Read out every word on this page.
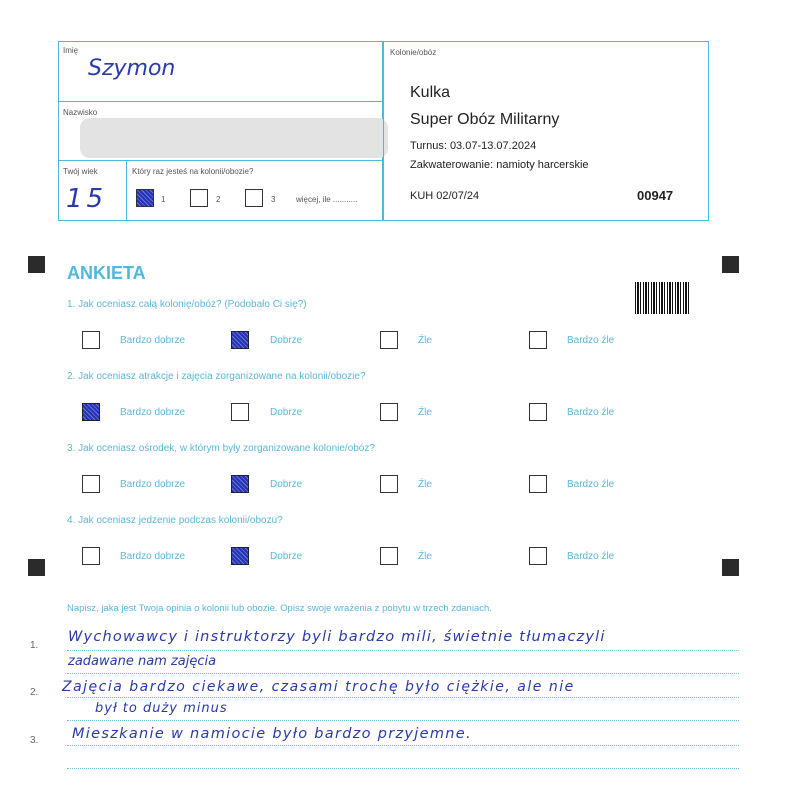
Imię
Szymon
Nazwisko
Twój wiek
15
Który raz jesteś na kolonii/obozie?
1	2	3	więcej, ile ...........
Kolonie/obóz
Kulka
Super Obóz Militarny
Turnus: 03.07-13.07.2024
Zakwaterowanie: namioty harcerskie
KUH 02/07/24	00947
ANKIETA
1. Jak oceniasz całą kolonię/obóz? (Podobało Ci się?)
Bardzo dobrze	Dobrze	Źle	Bardzo źle
2. Jak oceniasz atrakcje i zajęcia zorganizowane na kolonii/obozie?
Bardzo dobrze	Dobrze	Źle	Bardzo źle
3. Jak oceniasz ośrodek, w którym były zorganizowane kolonie/obóz?
Bardzo dobrze	Dobrze	Źle	Bardzo źle
4. Jak oceniasz jedzenie podczas kolonii/obozu?
Bardzo dobrze	Dobrze	Źle	Bardzo źle
Napisz, jaka jest Twoja opinia o kolonii lub obozie. Opisz swoje wrażenia z pobytu w trzech zdaniach.
1.
2.
3.
Wychowawcy i instruktorzy byli bardzo mili, świetnie tłumaczyli
zadawane nam zajęcia
Zajęcia bardzo ciekawe, czasami trochę było ciężkie, ale nie
był to duży minus
Mieszkanie w namiocie było bardzo przyjemne.
